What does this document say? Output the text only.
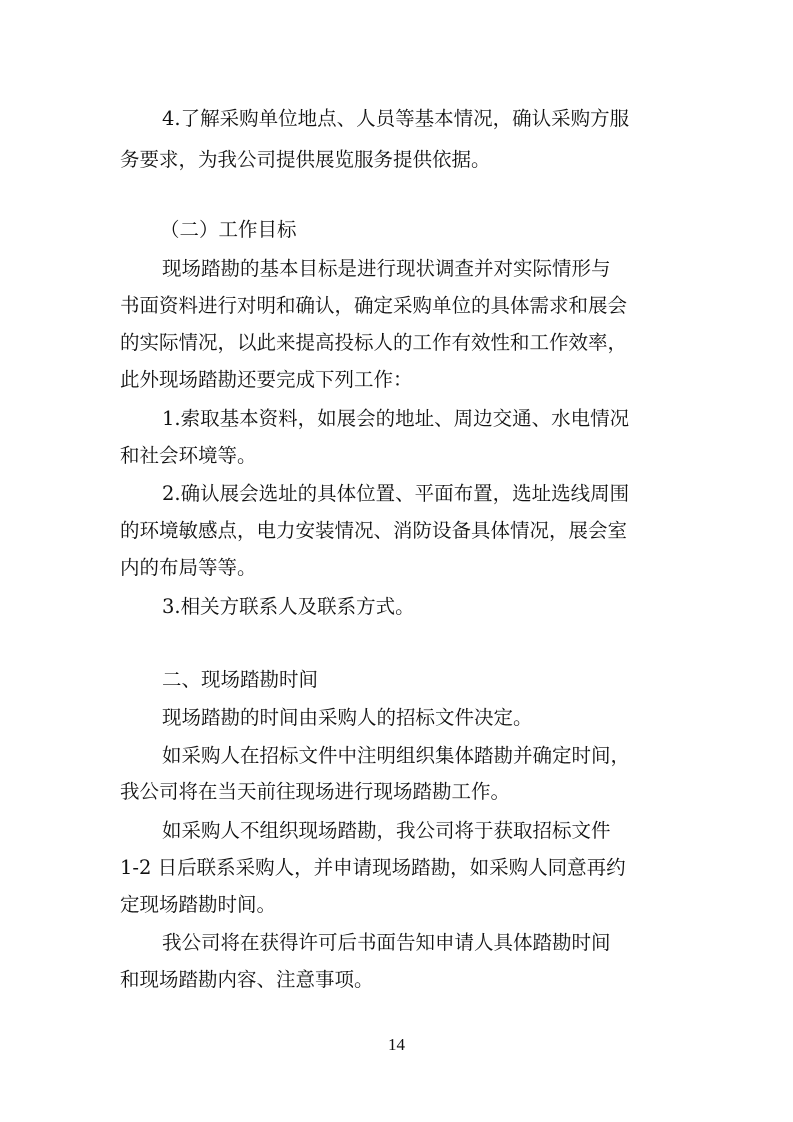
4.了解采购单位地点、人员等基本情况，确认采购方服
务要求，为我公司提供展览服务提供依据。
（二）工作目标
现场踏勘的基本目标是进行现状调查并对实际情形与
书面资料进行对明和确认，确定采购单位的具体需求和展会
的实际情况，以此来提高投标人的工作有效性和工作效率，
此外现场踏勘还要完成下列工作：
1.索取基本资料，如展会的地址、周边交通、水电情况
和社会环境等。
2.确认展会选址的具体位置、平面布置，选址选线周围
的环境敏感点，电力安装情况、消防设备具体情况，展会室
内的布局等等。
3.相关方联系人及联系方式。
二、现场踏勘时间
现场踏勘的时间由采购人的招标文件决定。
如采购人在招标文件中注明组织集体踏勘并确定时间，
我公司将在当天前往现场进行现场踏勘工作。
如采购人不组织现场踏勘，我公司将于获取招标文件
1-2 日后联系采购人，并申请现场踏勘，如采购人同意再约
定现场踏勘时间。
我公司将在获得许可后书面告知申请人具体踏勘时间
和现场踏勘内容、注意事项。
14
